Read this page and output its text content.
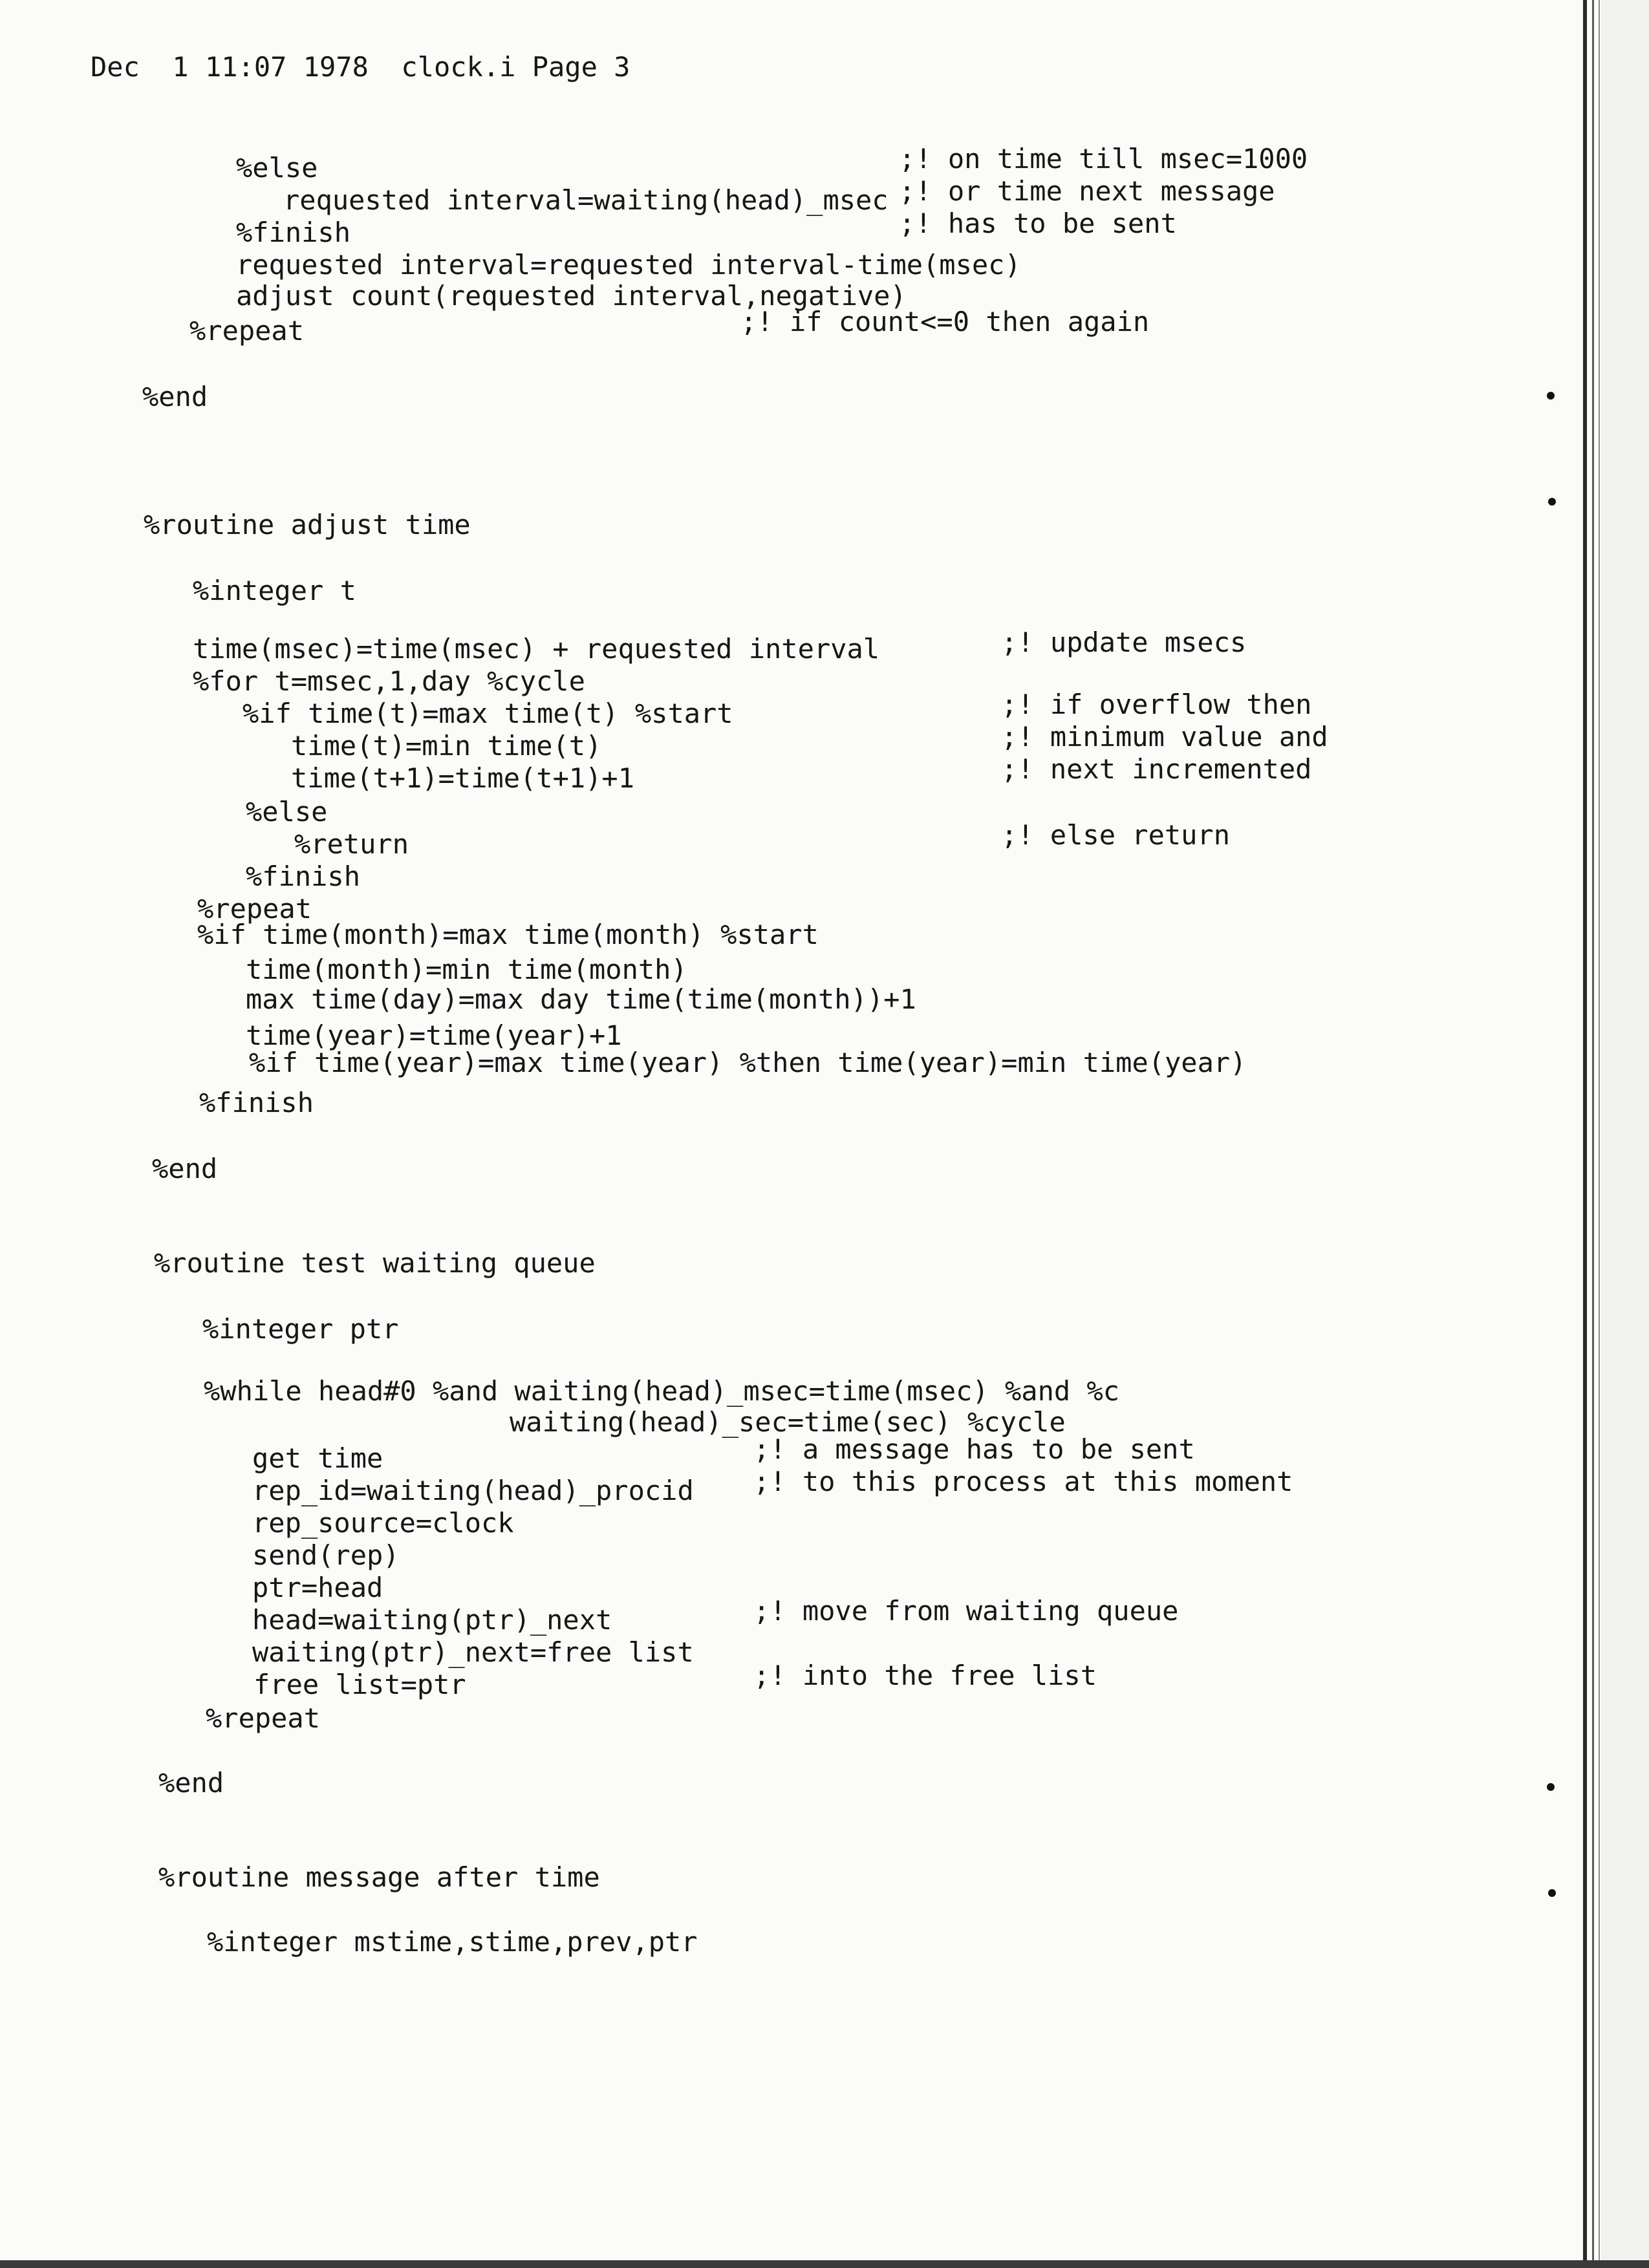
Dec  1 11:07 1978  clock.i Page 3
%else	;! on time till msec=1000
requested interval=waiting(head)_msec ;! or time next message
%finish	;! has to be sent
requested interval=requested interval-time(msec)
adjust count(requested interval,negative)
%repeat	;! if count<=0 then again
%end
%routine adjust time
%integer t
time(msec)=time(msec) + requested interval	;! update msecs
%for t=msec,1,day %cycle
%if time(t)=max time(t) %start	;! if overflow then
time(t)=min time(t)	;! minimum value and
time(t+1)=time(t+1)+1	;! next incremented
%else
%return	;! else return
%finish
%repeat
%if time(month)=max time(month) %start
time(month)=min time(month)
max time(day)=max day time(time(month))+1
time(year)=time(year)+1
%if time(year)=max time(year) %then time(year)=min time(year)
%finish
%end
%routine test waiting queue
%integer ptr
%while head#0 %and waiting(head)_msec=time(msec) %and %c
waiting(head)_sec=time(sec) %cycle
get time	;! a message has to be sent
rep_id=waiting(head)_procid ;! to this process at this moment
rep_source=clock
send(rep)
ptr=head
head=waiting(ptr)_next	;! move from waiting queue
waiting(ptr)_next=free list
free list=ptr	;! into the free list
%repeat
%end
%routine message after time
%integer mstime,stime,prev,ptr
